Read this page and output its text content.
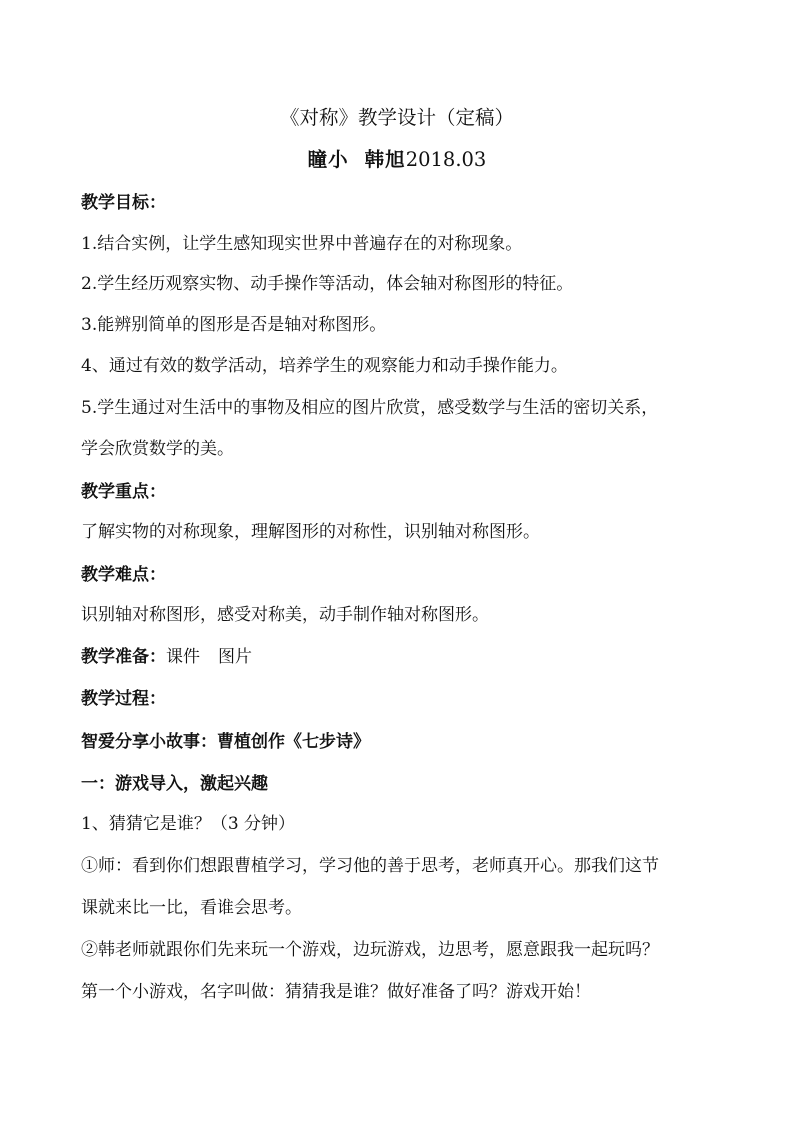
《对称》教学设计（定稿）
瞳小 韩旭2018.03
教学目标：
1.结合实例，让学生感知现实世界中普遍存在的对称现象。
2.学生经历观察实物、动手操作等活动，体会轴对称图形的特征。
3.能辨别简单的图形是否是轴对称图形。
4、通过有效的数学活动，培养学生的观察能力和动手操作能力。
5.学生通过对生活中的事物及相应的图片欣赏，感受数学与生活的密切关系，
学会欣赏数学的美。
教学重点：
了解实物的对称现象，理解图形的对称性，识别轴对称图形。
教学难点：
识别轴对称图形，感受对称美，动手制作轴对称图形。
教学准备：课件 图片
教学过程：
智爱分享小故事：曹植创作《七步诗》
一：游戏导入，激起兴趣
1、猜猜它是谁？（3 分钟）
①师：看到你们想跟曹植学习，学习他的善于思考，老师真开心。那我们这节
课就来比一比，看谁会思考。
②韩老师就跟你们先来玩一个游戏，边玩游戏，边思考，愿意跟我一起玩吗？
第一个小游戏，名字叫做：猜猜我是谁？做好准备了吗？游戏开始！
